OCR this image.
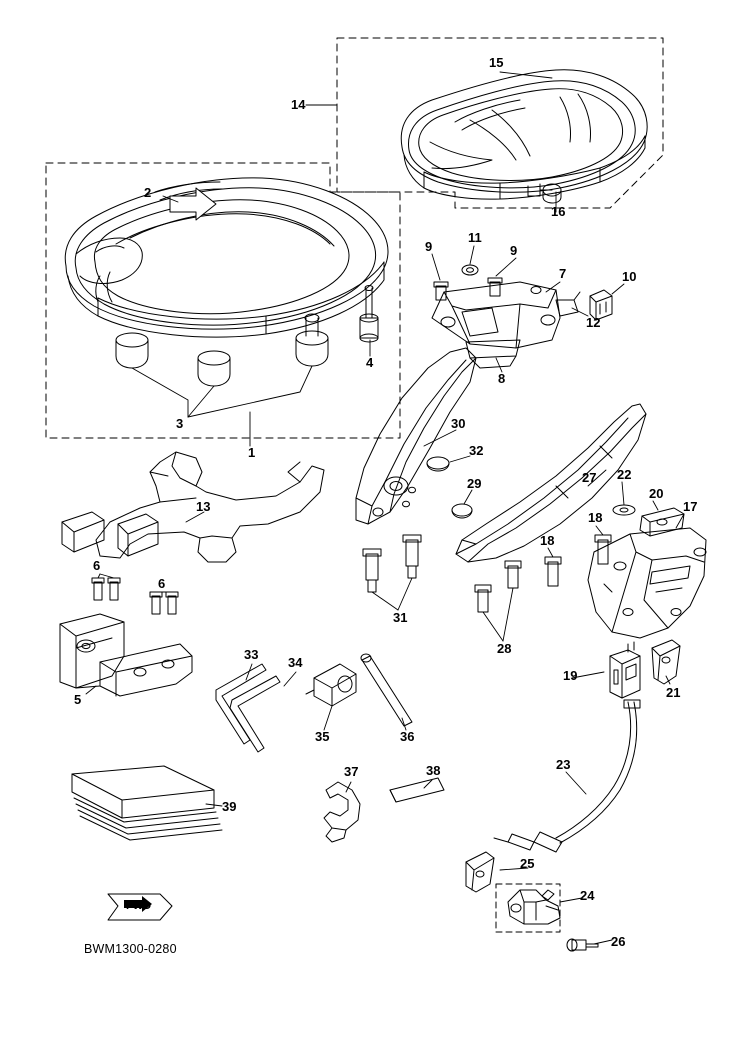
1
2
3
4
5
6
6
7
8
9	9
10
11
12
13
14
15
16
17
18
18
19
20
21
22
23
24
25
26
27
28
29
30
31
32
33
34
35	36
37	38
39
FWD
BWM1300-0280
